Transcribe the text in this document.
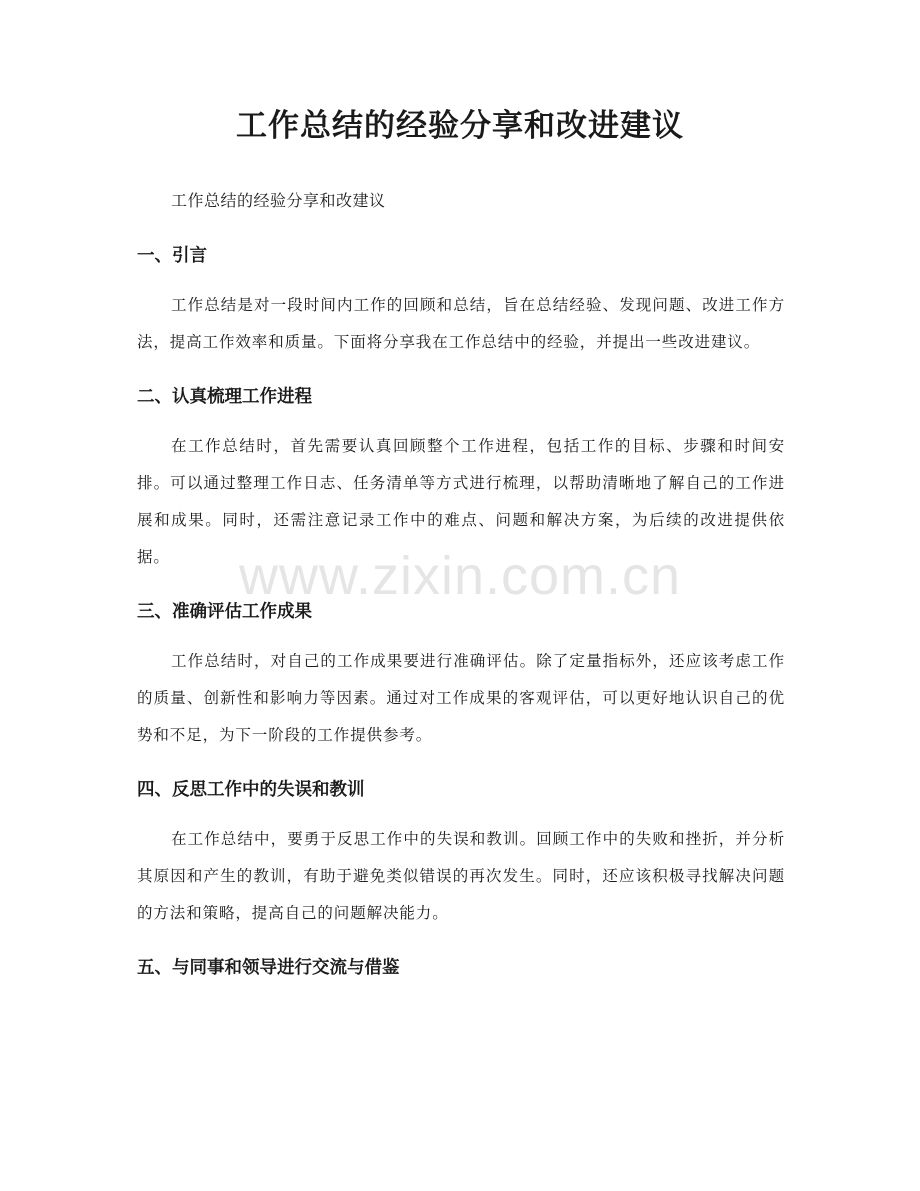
工作总结的经验分享和改进建议

工作总结的经验分享和改建议

一、引言

工作总结是对一段时间内工作的回顾和总结，旨在总结经验、发现问题、改进工作方法，提高工作效率和质量。下面将分享我在工作总结中的经验，并提出一些改进建议。

二、认真梳理工作进程

在工作总结时，首先需要认真回顾整个工作进程，包括工作的目标、步骤和时间安排。可以通过整理工作日志、任务清单等方式进行梳理，以帮助清晰地了解自己的工作进展和成果。同时，还需注意记录工作中的难点、问题和解决方案，为后续的改进提供依据。

三、准确评估工作成果

工作总结时，对自己的工作成果要进行准确评估。除了定量指标外，还应该考虑工作的质量、创新性和影响力等因素。通过对工作成果的客观评估，可以更好地认识自己的优势和不足，为下一阶段的工作提供参考。

四、反思工作中的失误和教训

在工作总结中，要勇于反思工作中的失误和教训。回顾工作中的失败和挫折，并分析其原因和产生的教训，有助于避免类似错误的再次发生。同时，还应该积极寻找解决问题的方法和策略，提高自己的问题解决能力。

五、与同事和领导进行交流与借鉴
www.zixin.com.cn
